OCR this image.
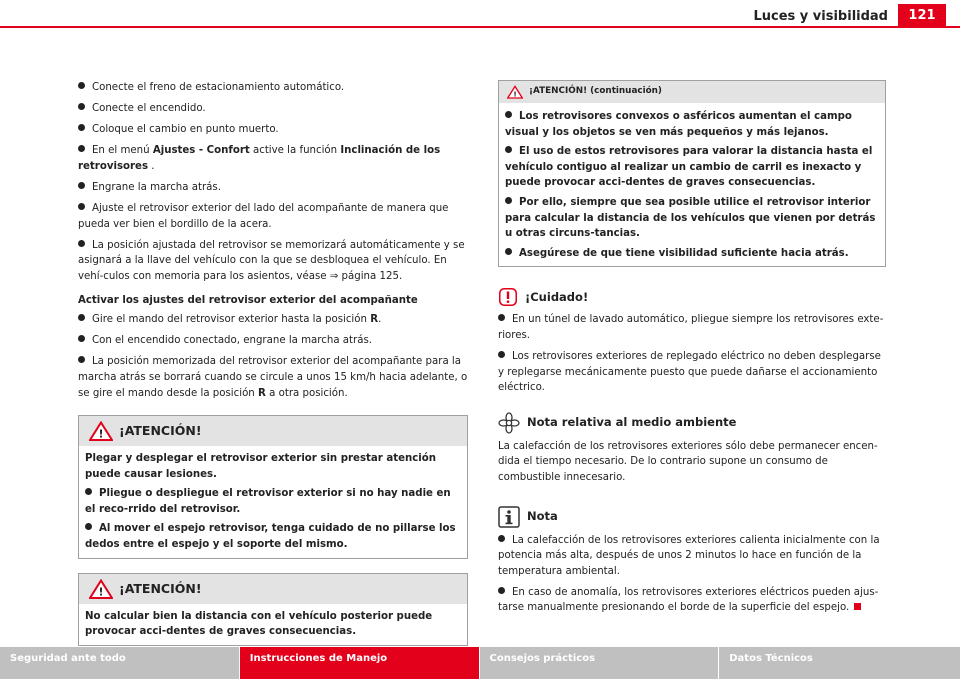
Luces y visibilidad	121
Conecte el freno de estacionamiento automático.
Conecte el encendido.
Coloque el cambio en punto muerto.
En el menú Ajustes - Confort active la función Inclinación de los retrovisores .
Engrane la marcha atrás.
Ajuste el retrovisor exterior del lado del acompañante de manera que pueda ver bien el bordillo de la acera.
La posición ajustada del retrovisor se memorizará automáticamente y se asignará a la llave del vehículo con la que se desbloquea el vehículo. En vehí-culos con memoria para los asientos, véase ⇒ página 125.
Activar los ajustes del retrovisor exterior del acompañante
Gire el mando del retrovisor exterior hasta la posición R.
Con el encendido conectado, engrane la marcha atrás.
La posición memorizada del retrovisor exterior del acompañante para la marcha atrás se borrará cuando se circule a unos 15 km/h hacia adelante, o se gire el mando desde la posición R a otra posición.
! ¡ATENCIÓN!
Plegar y desplegar el retrovisor exterior sin prestar atención puede causar lesiones.
Pliegue o despliegue el retrovisor exterior si no hay nadie en el reco-rrido del retrovisor.
Al mover el espejo retrovisor, tenga cuidado de no pillarse los dedos entre el espejo y el soporte del mismo.
! ¡ATENCIÓN!
No calcular bien la distancia con el vehículo posterior puede provocar acci-dentes de graves consecuencias.
! ¡ATENCIÓN! (continuación)
Los retrovisores convexos o asféricos aumentan el campo visual y los objetos se ven más pequeños y más lejanos.
El uso de estos retrovisores para valorar la distancia hasta el vehículo contiguo al realizar un cambio de carril es inexacto y puede provocar acci-dentes de graves consecuencias.
Por ello, siempre que sea posible utilice el retrovisor interior para calcular la distancia de los vehículos que vienen por detrás u otras circuns-tancias.
Asegúrese de que tiene visibilidad suficiente hacia atrás.
¡Cuidado!
En un túnel de lavado automático, pliegue siempre los retrovisores exte-riores.
Los retrovisores exteriores de replegado eléctrico no deben desplegarse y replegarse mecánicamente puesto que puede dañarse el accionamiento eléctrico.
Nota relativa al medio ambiente
La calefacción de los retrovisores exteriores sólo debe permanecer encen-dida el tiempo necesario. De lo contrario supone un consumo de combustible innecesario.
Nota
La calefacción de los retrovisores exteriores calienta inicialmente con la potencia más alta, después de unos 2 minutos lo hace en función de la temperatura ambiental.
En caso de anomalía, los retrovisores exteriores eléctricos pueden ajus-tarse manualmente presionando el borde de la superficie del espejo.
Seguridad ante todo	Instrucciones de Manejo	Consejos prácticos	Datos Técnicos
